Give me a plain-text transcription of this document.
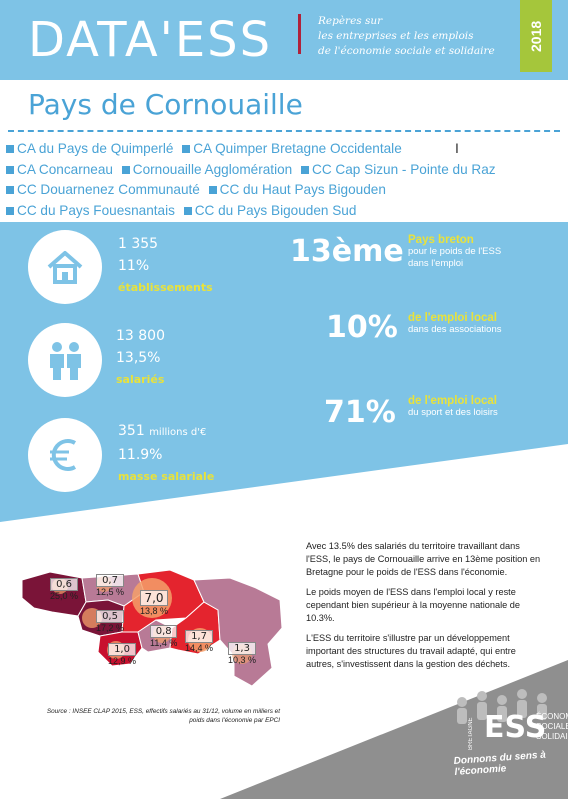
DATA'ESS	Repères sur
les entreprises et les emplois
de l'économie sociale et solidaire	2018
Pays de Cornouaille
I
CA du Pays de Quimperlé CA Quimper Bretagne Occidentale
CA Concarneau Cornouaille Agglomération CC Cap Sizun - Pointe du Raz
CC Douarnenez Communauté CC du Haut Pays Bigouden
CC du Pays Fouesnantais CC du Pays Bigouden Sud
1 355
11%
établissements
13 800
13,5%
salariés
351 millions d'€
11.9%
masse salariale
13ème Pays breton
pour le poids de l'ESS dans l'emploi
10% de l'emploi local
dans des associations
71% de l'emploi local
du sport et des loisirs
0,6
25,0 %
0,7
12,5 %	7,0
13,8 %
0,5
17,2 %	0,8
11,4 %
1,7
14,4 %
1,0
12,9 %
1,3
10,3 %

Avec 13.5% des salariés du territoire travaillant dans l'ESS, le pays de Cornouaille arrive en 13ème position en Bretagne pour le poids de l'ESS dans l'économie.

Le poids moyen de l'ESS dans l'emploi local y reste cependant bien supérieur à la moyenne nationale de 10.3%.

L'ESS du territoire s'illustre par un développement important des structures du travail adapté, qui entre autres, s'investissent dans la gestion des déchets.

Source : INSEE CLAP 2015, ESS, effectifs salariés au 31/12, volume en milliers et poids dans l'économie par EPCI	BRETAGNE ESS
ÉCONOMIE
SOCIALE &
SOLIDAIRE
Donnons du sens à l'économie
